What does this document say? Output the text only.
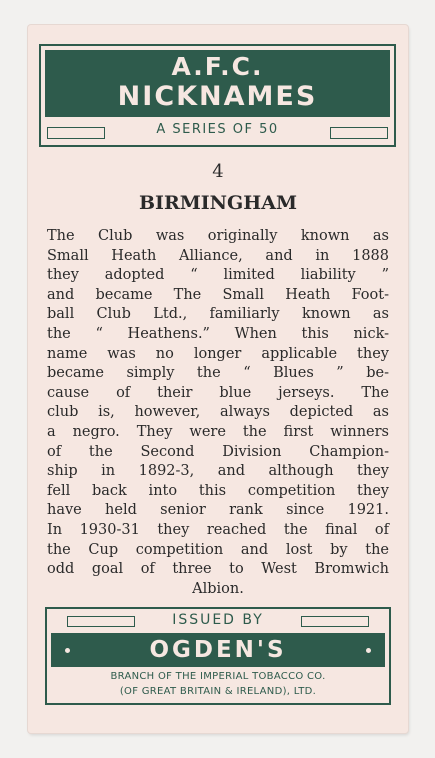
A.F.C.
NICKNAMES
A SERIES OF 50
4
BIRMINGHAM
The Club was originally known as
Small Heath Alliance, and in 1888
they adopted “ limited liability ”
and became The Small Heath Foot-
ball Club Ltd., familiarly known as
the “ Heathens.” When this nick-
name was no longer applicable they
became simply the “ Blues ” be-
cause of their blue jerseys. The
club is, however, always depicted as
a negro. They were the first winners
of the Second Division Champion-
ship in 1892-3, and although they
fell back into this competition they
have held senior rank since 1921.
In 1930-31 they reached the final of
the Cup competition and lost by the
odd goal of three to West Bromwich
Albion.
ISSUED BY
OGDEN'S
BRANCH OF THE IMPERIAL TOBACCO CO.
(OF GREAT BRITAIN & IRELAND), LTD.
